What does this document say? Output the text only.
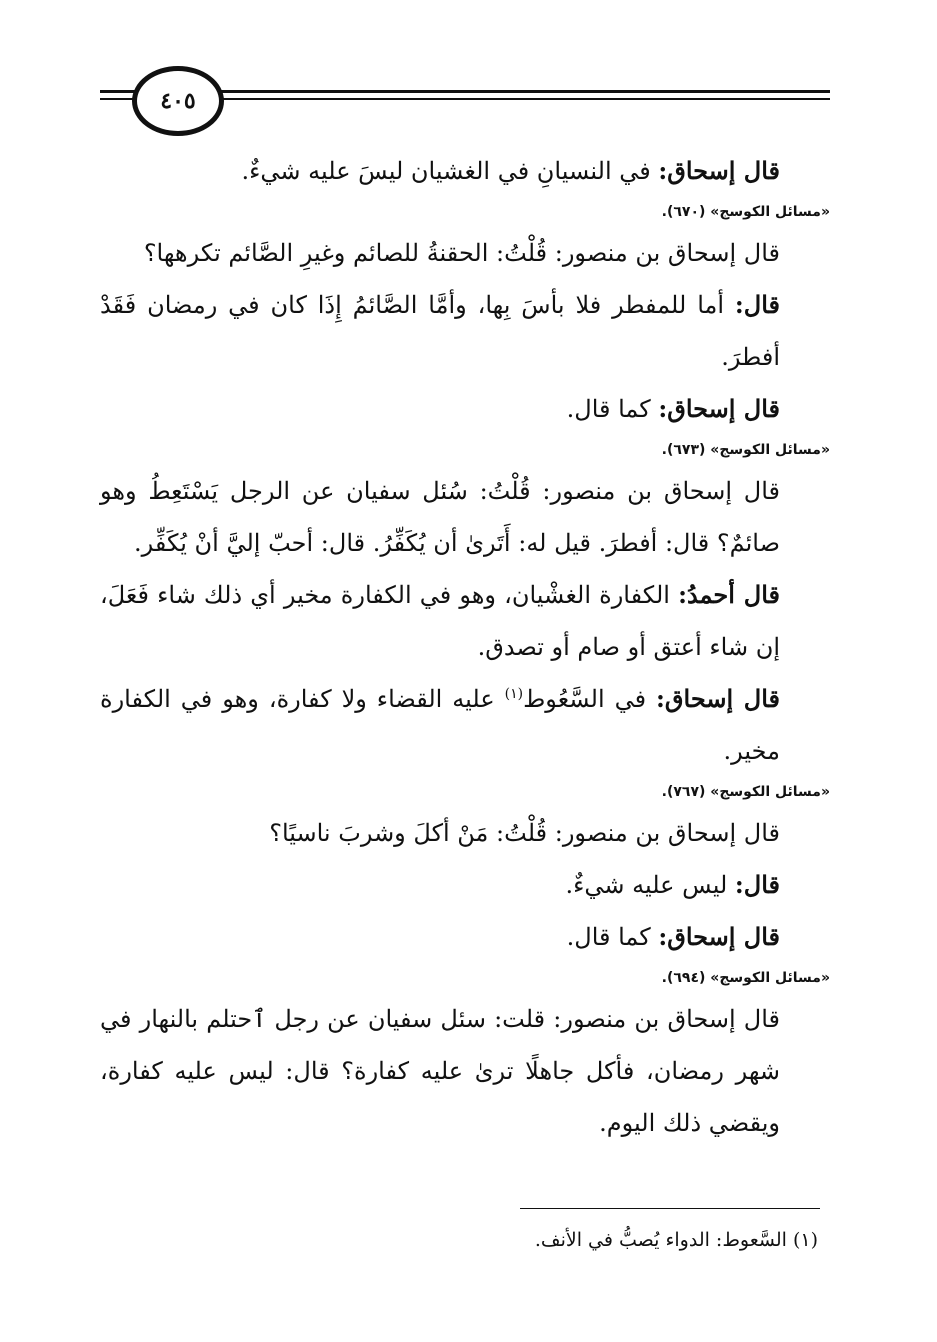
٤٠٥

قال إسحاق: في النسيانِ في الغشيان ليسَ عليه شيءٌ.

«مسائل الكوسج» (٦٧٠).

قال إسحاق بن منصور: قُلْتُ: الحقنةُ للصائم وغيرِ الصَّائم تكرهها؟

قال: أما للمفطر فلا بأسَ بِها، وأمَّا الصَّائمُ إِذَا كان في رمضان فَقَدْ أفطرَ.

قال إسحاق: كما قال.

«مسائل الكوسج» (٦٧٣).

قال إسحاق بن منصور: قُلْتُ: سُئل سفيان عن الرجل يَسْتَعِطُ وهو صائمٌ؟ قال: أفطرَ. قيل له: أَتَرىٰ أن يُكَفِّرُ. قال: أحبّ إليَّ أنْ يُكَفِّر.

قال أحمدُ: الكفارة الغشْيان، وهو في الكفارة مخير أي ذلك شاء فَعَلَ، إن شاء أعتق أو صام أو تصدق.

قال إسحاق: في السَّعُوط$^{(١)}$ عليه القضاء ولا كفارة، وهو في الكفارة مخير.

«مسائل الكوسج» (٧٦٧).

قال إسحاق بن منصور: قُلْتُ: مَنْ أكلَ وشربَ ناسيًا؟

قال: ليس عليه شيءٌ.

قال إسحاق: كما قال.

«مسائل الكوسج» (٦٩٤).

قال إسحاق بن منصور: قلت: سئل سفيان عن رجل ٱحتلم بالنهار في شهر رمضان، فأكل جاهلًا ترىٰ عليه كفارة؟ قال: ليس عليه كفارة، ويقضي ذلك اليوم.

(١) السَّعوط: الدواء يُصبُّ في الأنف.
